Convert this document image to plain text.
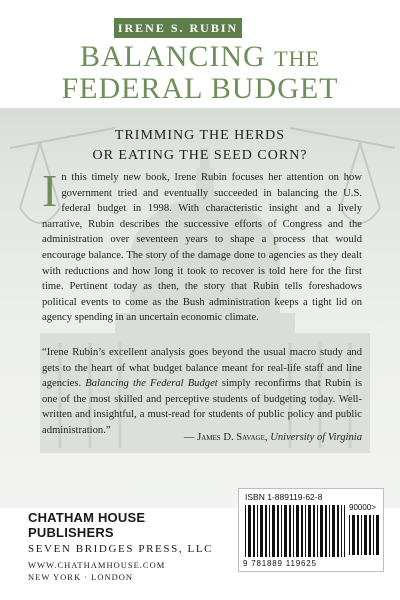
IRENE S. RUBIN
BALANCING THE
FEDERAL BUDGET
TRIMMING THE HERDS
OR EATING THE SEED CORN?
I n this timely new book, Irene Rubin focuses her attention on how government tried and eventually succeeded in balancing the U.S. federal budget in 1998. With characteristic insight and a lively narrative, Rubin describes the successive efforts of Congress and the administration over seventeen years to shape a process that would encourage balance. The story of the damage done to agencies as they dealt with reductions and how long it took to recover is told here for the first time. Pertinent today as then, the story that Rubin tells foreshadows political events to come as the Bush administration keeps a tight lid on agency spending in an uncertain economic climate.
“Irene Rubin’s excellent analysis goes beyond the usual macro study and gets to the heart of what budget balance meant for real-life staff and line agencies. Balancing the Federal Budget simply reconfirms that Rubin is one of the most skilled and perceptive students of budgeting today. Well-written and insightful, a must-read for students of public policy and public administration.”
— James D. Savage, University of Virginia
CHATHAM HOUSE PUBLISHERS
SEVEN BRIDGES PRESS, LLC
WWW.CHATHAMHOUSE.COM
NEW YORK · LONDON
ISBN 1-889119-62-8
90000>
9 781889 119625
